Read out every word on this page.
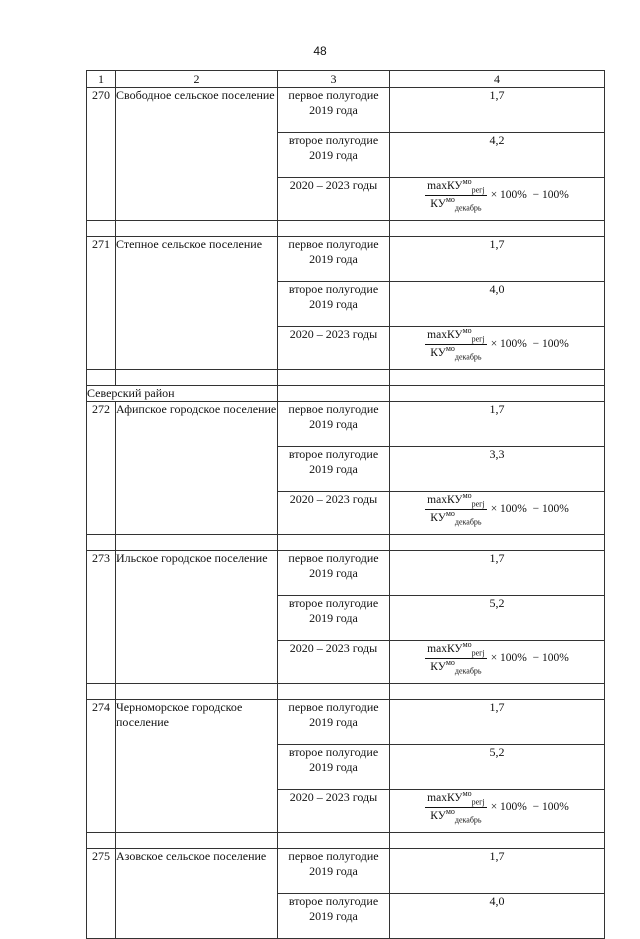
48
1	2	3	4
270	Свободное сельское поселение	первое полугодие 2019 года	1,7
		второе полугодие 2019 года	4,2
		2020 – 2023 годы	$\frac{\max КУ^{мо}_{pегj}}{КУ^{мо}_{декабрь}} \times 100\% - 100\%$

271	Степное сельское поселение	первое полугодие 2019 года	1,7
		второе полугодие 2019 года	4,0
		2020 – 2023 годы	$\frac{\max КУ^{мо}_{pегj}}{КУ^{мо}_{декабрь}} \times 100\% - 100\%$

Северский район			
272	Афипское городское поселение	первое полугодие 2019 года	1,7
		второе полугодие 2019 года	3,3
		2020 – 2023 годы	$\frac{\max КУ^{мо}_{pегj}}{КУ^{мо}_{декабрь}} \times 100\% - 100\%$

273	Ильское городское поселение	первое полугодие 2019 года	1,7
		второе полугодие 2019 года	5,2
		2020 – 2023 годы	$\frac{\max КУ^{мо}_{pегj}}{КУ^{мо}_{декабрь}} \times 100\% - 100\%$

274	Черноморское городское поселение	первое полугодие 2019 года	1,7
		второе полугодие 2019 года	5,2
		2020 – 2023 годы	$\frac{\max КУ^{мо}_{pегj}}{КУ^{мо}_{декабрь}} \times 100\% - 100\%$

275	Азовское сельское поселение	первое полугодие 2019 года	1,7
		второе полугодие 2019 года	4,0
